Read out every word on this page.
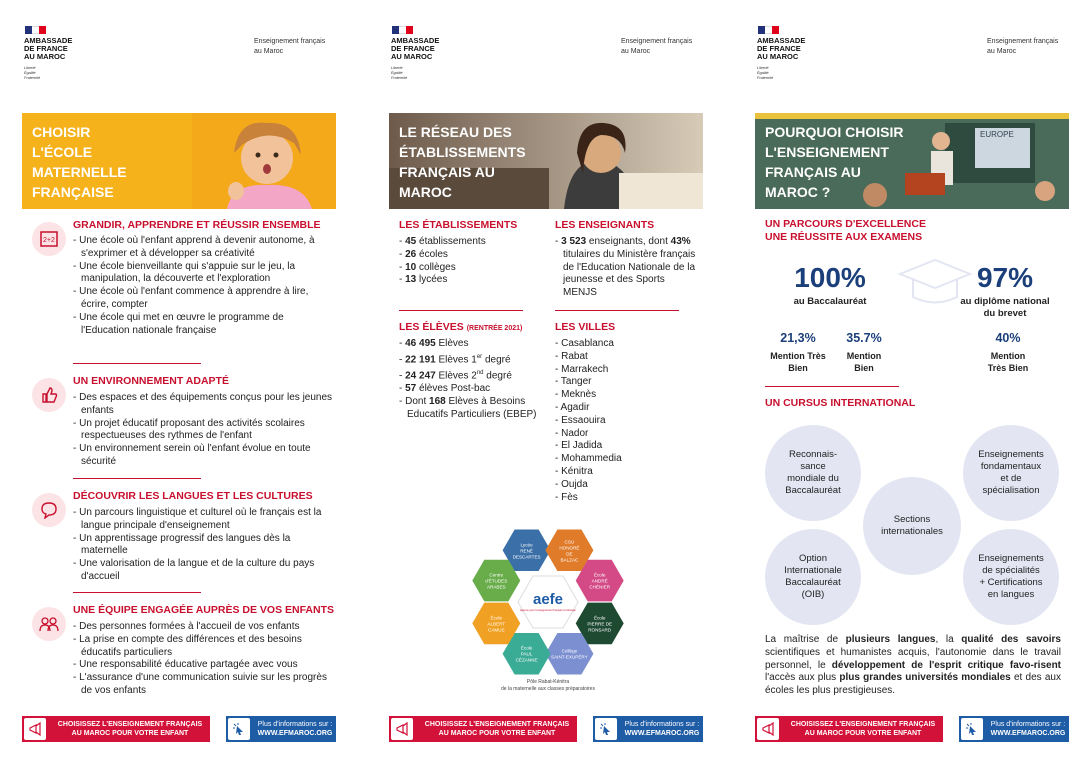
AMBASSADE
DE FRANCE
AU MAROC
Liberté
Égalité
Fraternité
Enseignement français
au Maroc
CHOISIR
L'ÉCOLE
MATERNELLE
FRANÇAISE
2+2
GRANDIR, APPRENDRE ET RÉUSSIR ENSEMBLE
- Une école où l'enfant apprend à devenir autonome, à s'exprimer et à développer sa créativité
- Une école bienveillante qui s'appuie sur le jeu, la manipulation, la découverte et l'exploration
- Une école où l'enfant commence à apprendre à lire, écrire, compter
- Une école qui met en œuvre le programme de l'Education nationale française
UN ENVIRONNEMENT ADAPTÉ
- Des espaces et des équipements conçus pour les jeunes enfants
- Un projet éducatif proposant des activités scolaires respectueuses des rythmes de l'enfant
- Un environnement serein où l'enfant évolue en toute sécurité
DÉCOUVRIR LES LANGUES ET LES CULTURES
- Un parcours linguistique et culturel où le français est la langue principale d'enseignement
- Un apprentissage progressif des langues dès la maternelle
- Une valorisation de la langue et de la culture du pays d'accueil
UNE ÉQUIPE ENGAGÉE AUPRÈS DE VOS ENFANTS
- Des personnes formées à l'accueil de vos enfants
- La prise en compte des différences et des besoins éducatifs particuliers
- Une responsabilité éducative partagée avec vous
- L'assurance d'une communication suivie sur les progrès de vos enfants
CHOISISSEZ L'ENSEIGNEMENT FRANÇAIS
AU MAROC POUR VOTRE ENFANT
Plus d'informations sur :
WWW.EFMAROC.ORG
AMBASSADE
DE FRANCE
AU MAROC
Liberté
Égalité
Fraternité
Enseignement français
au Maroc
LE RÉSEAU DES
ÉTABLISSEMENTS
FRANÇAIS AU
MAROC
LES ÉTABLISSEMENTS
- 45 établissements
- 26 écoles
- 10 collèges
- 13 lycées
LES ENSEIGNANTS
- 3 523 enseignants, dont 43% titulaires du Ministère français de l'Education Nationale de la jeunesse et des Sports MENJS
LES ÉLÈVES (RENTRÉE 2021)
- 46 495 Elèves
- 22 191 Elèves 1er degré
- 24 247 Elèves 2nd degré
- 57 élèves Post-bac
- Dont 168 Elèves à Besoins Educatifs Particuliers (EBEP)
LES VILLES
- Casablanca
- Rabat
- Marrakech
- Tanger
- Meknès
- Agadir
- Essaouira
- Nador
- El Jadida
- Mohammedia
- Kénitra
- Oujda
- Fès
Lycée
RENÉ
DESCARTES
CSU
HONORÉ
DE
BALZAC
École
ANDRÉ
CHÉNIER
École
PIERRE DE
RONSARD
Collège
SAINT-EXUPÉRY
École
PAUL
CÉZANNE
École
ALBERT
CAMUS
Centre
d'ÉTUDES
ARABES
aefe
Agence pour l'enseignement français à l'étranger
Pôle Rabat-Kénitra
de la maternelle aux classes préparatoires
CHOISISSEZ L'ENSEIGNEMENT FRANÇAIS
AU MAROC POUR VOTRE ENFANT
Plus d'informations sur :
WWW.EFMAROC.ORG
AMBASSADE
DE FRANCE
AU MAROC
Liberté
Égalité
Fraternité
Enseignement français
au Maroc
EUROPE
POURQUOI CHOISIR
L'ENSEIGNEMENT
FRANÇAIS AU
MAROC ?
UN PARCOURS D'EXCELLENCE
UNE RÉUSSITE AUX EXAMENS
100%
au Baccalauréat
97%
au diplôme national
du brevet
21,3%
Mention Très
Bien
35.7%
Mention
Bien
40%
Mention
Très Bien
UN CURSUS INTERNATIONAL
Reconnais-
sance
mondiale du
Baccalauréat
Enseignements
fondamentaux
et de
spécialisation
Sections
internationales
Option
Internationale
Baccalauréat
(OIB)
Enseignements
de spécialités
+ Certifications
en langues
La maîtrise de plusieurs langues, la qualité des savoirs scientifiques et humanistes acquis, l'autonomie dans le travail personnel, le développement de l'esprit critique favo-risent l'accès aux plus plus grandes universités mondiales et des aux écoles les plus prestigieuses.
CHOISISSEZ L'ENSEIGNEMENT FRANÇAIS
AU MAROC POUR VOTRE ENFANT
Plus d'informations sur :
WWW.EFMAROC.ORG
